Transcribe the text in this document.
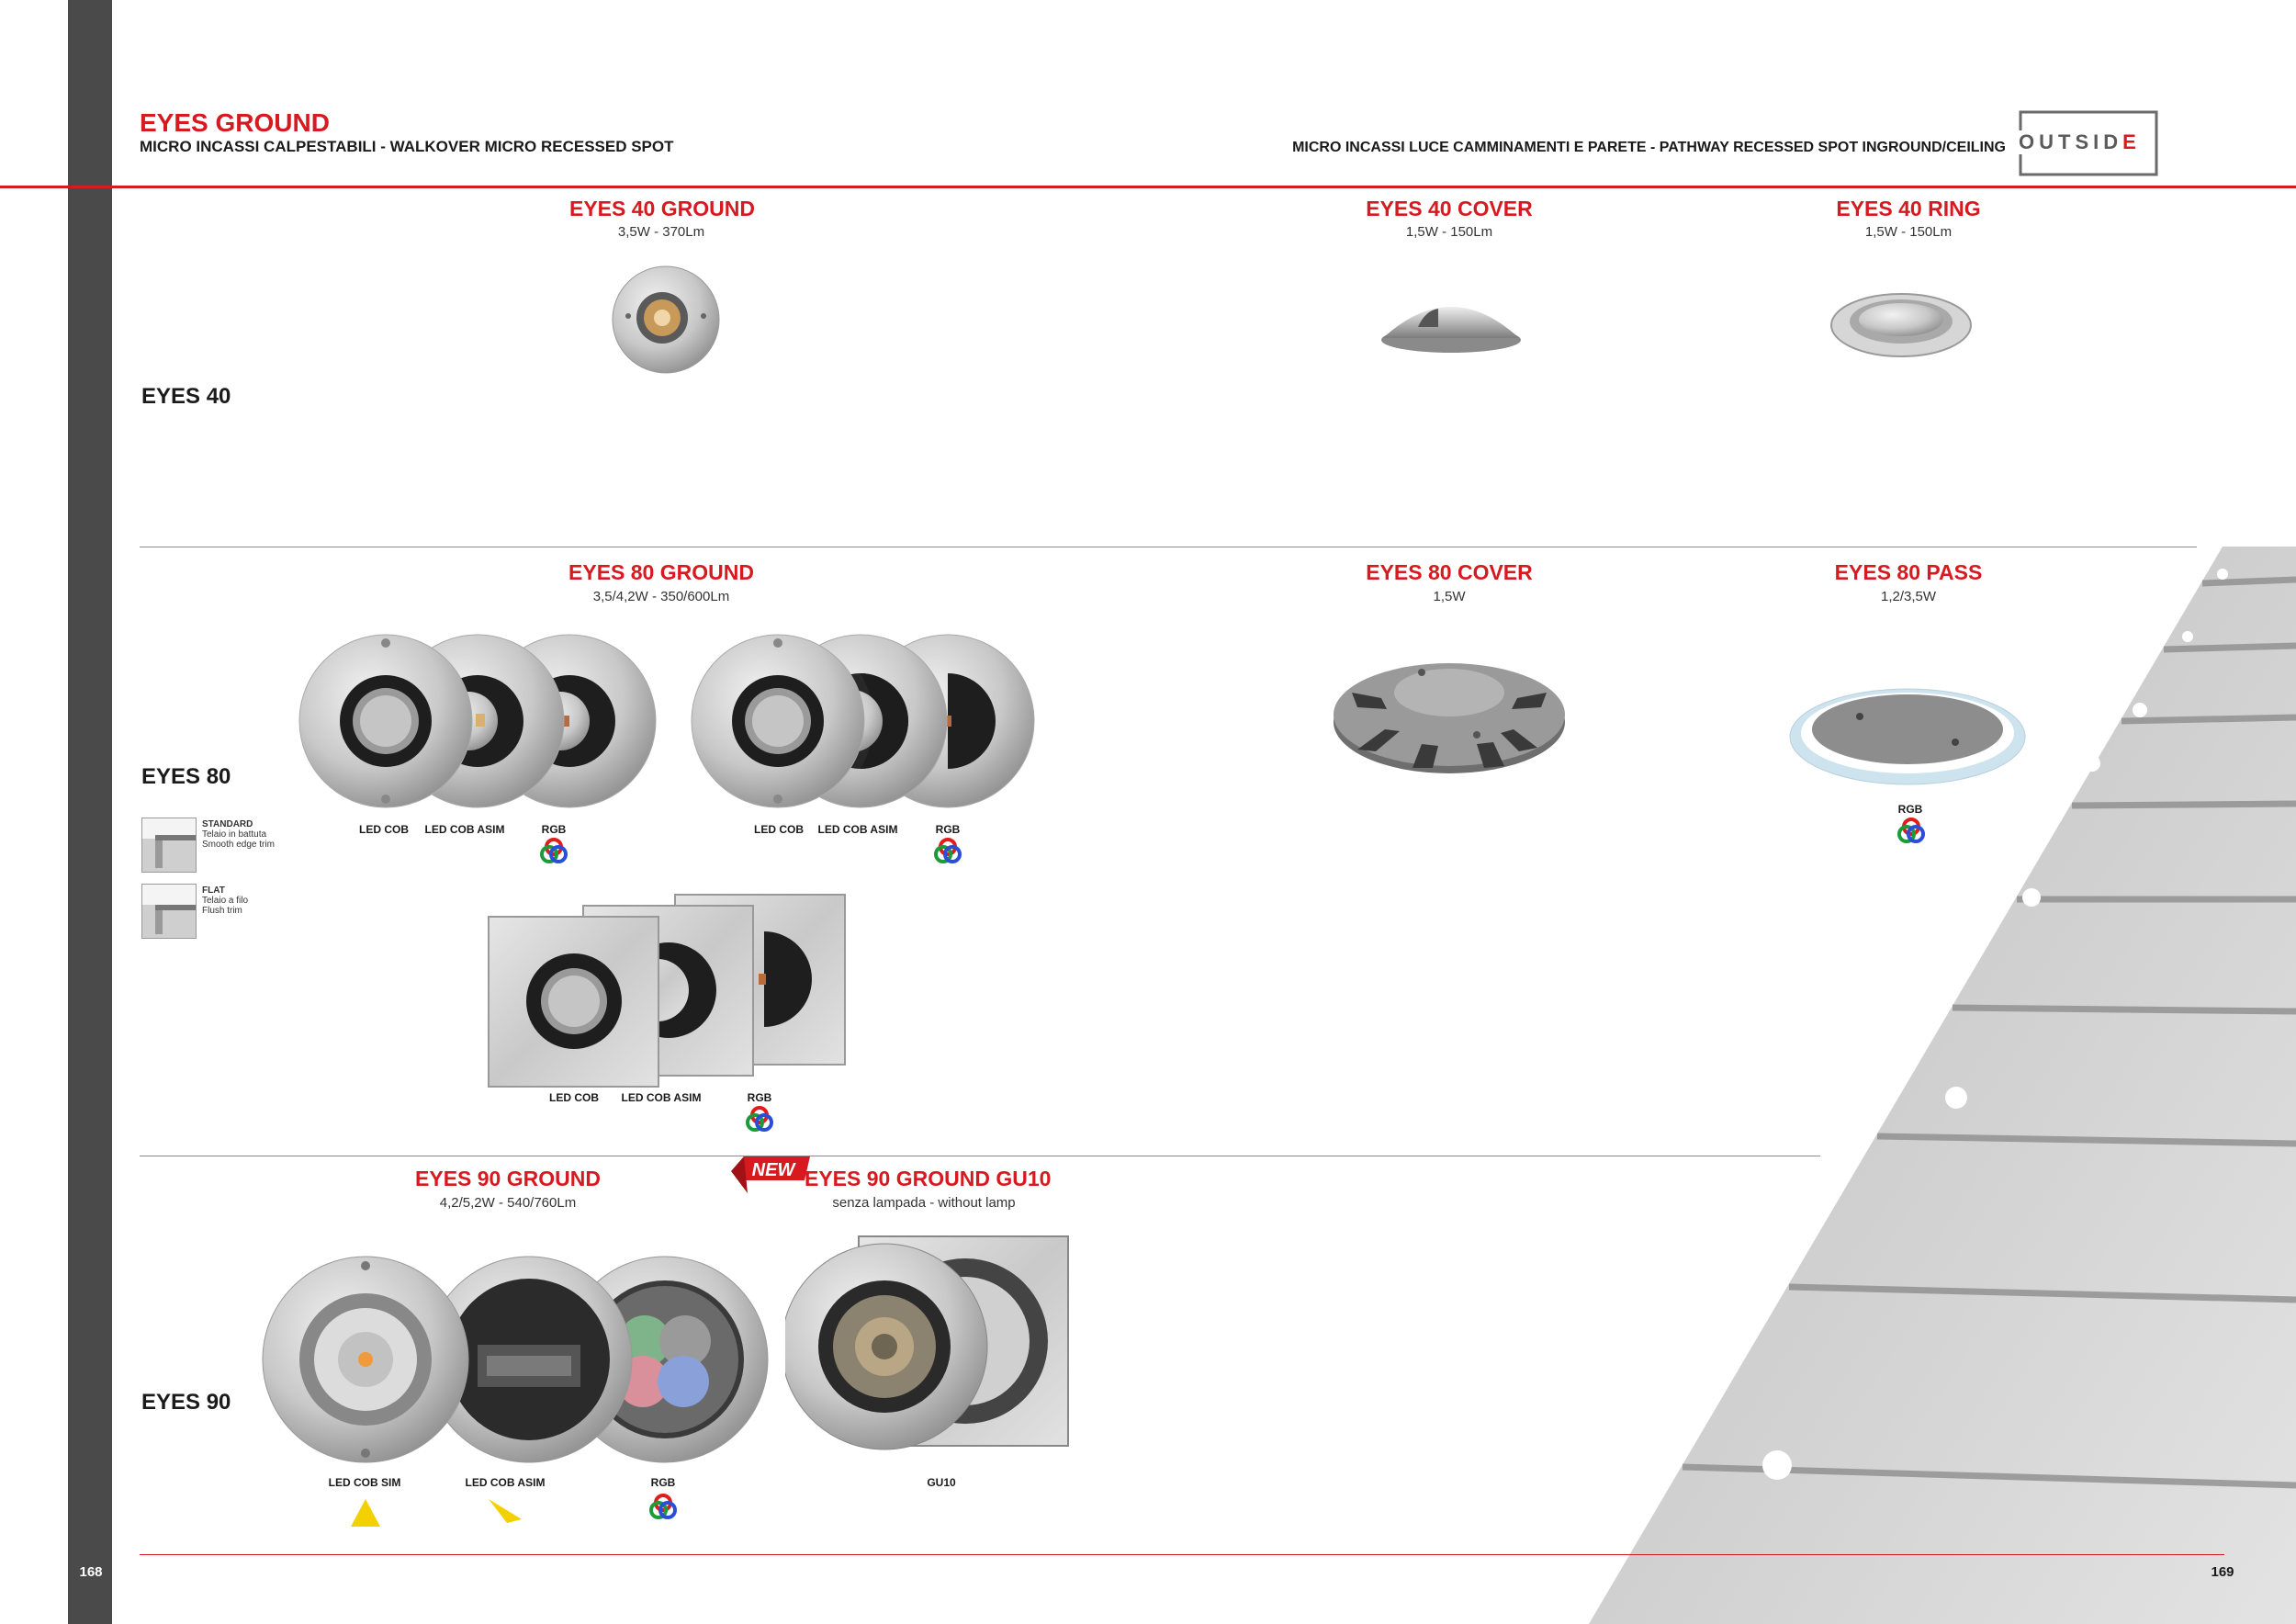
EYES GROUND
MICRO INCASSI CALPESTABILI - WALKOVER MICRO RECESSED SPOT	MICRO INCASSI LUCE CAMMINAMENTI E PARETE - PATHWAY RECESSED SPOT INGROUND/CEILING OUTSIDE
EYES 40
EYES 40 GROUND
3,5W - 370Lm
EYES 40 COVER
1,5W - 150Lm
EYES 40 RING
1,5W - 150Lm
EYES 80
EYES 80 GROUND
3,5/4,2W - 350/600Lm
LED COB	LED COB ASIM	RGB	LED COB	LED COB ASIM	RGB
STANDARD
Telaio in battuta
Smooth edge trim
FLAT
Telaio a filo
Flush trim
LED COB	LED COB ASIM	RGB
EYES 80 COVER
1,5W
EYES 80 PASS
1,2/3,5W
RGB
EYES 90
EYES 90 GROUND
4,2/5,2W - 540/760Lm
LED COB SIM	LED COB ASIM	RGB
NEW EYES 90 GROUND GU10
senza lampada - without lamp
GU10
168	169
